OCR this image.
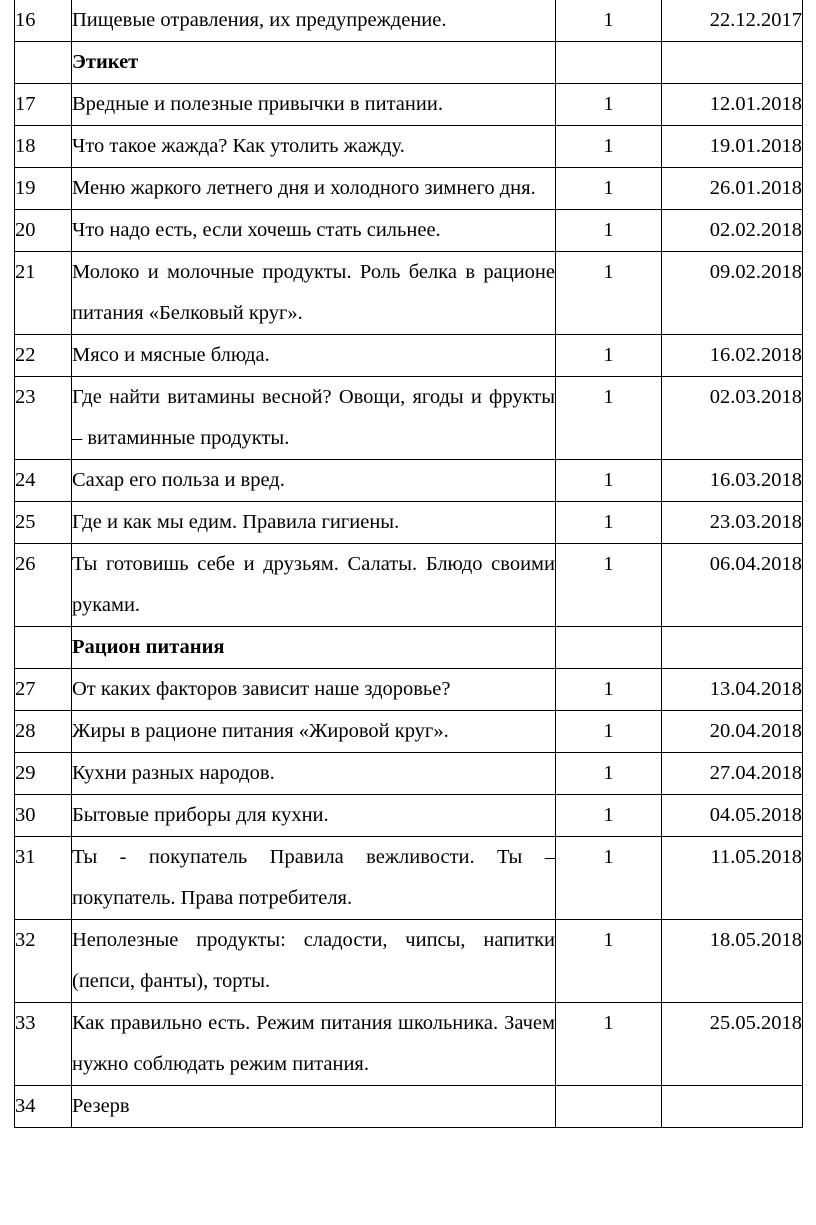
16	Пищевые отравления, их предупреждение.	1	22.12.2017
	Этикет		
17	Вредные и полезные привычки в питании.	1	12.01.2018
18	Что такое жажда? Как утолить жажду.	1	19.01.2018
19	Меню жаркого летнего дня и холодного зимнего дня.	1	26.01.2018
20	Что надо есть, если хочешь стать сильнее.	1	02.02.2018
21	Молоко и молочные продукты. Роль белка в рационе питания «Белковый круг».	1	09.02.2018
22	Мясо и мясные блюда.	1	16.02.2018
23	Где найти витамины весной? Овощи, ягоды и фрукты – витаминные продукты.	1	02.03.2018
24	Сахар его польза и вред.	1	16.03.2018
25	Где и как мы едим. Правила гигиены.	1	23.03.2018
26	Ты готовишь себе и друзьям. Салаты. Блюдо своими руками.	1	06.04.2018
	Рацион питания		
27	От каких факторов зависит наше здоровье?	1	13.04.2018
28	Жиры в рационе питания «Жировой круг».	1	20.04.2018
29	Кухни разных народов.	1	27.04.2018
30	Бытовые приборы для кухни.	1	04.05.2018
31	Ты - покупатель Правила вежливости. Ты – покупатель. Права потребителя.	1	11.05.2018
32	Неполезные продукты: сладости, чипсы, напитки (пепси, фанты), торты.	1	18.05.2018
33	Как правильно есть. Режим питания школьника. Зачем нужно соблюдать режим питания.	1	25.05.2018
34	Резерв		
